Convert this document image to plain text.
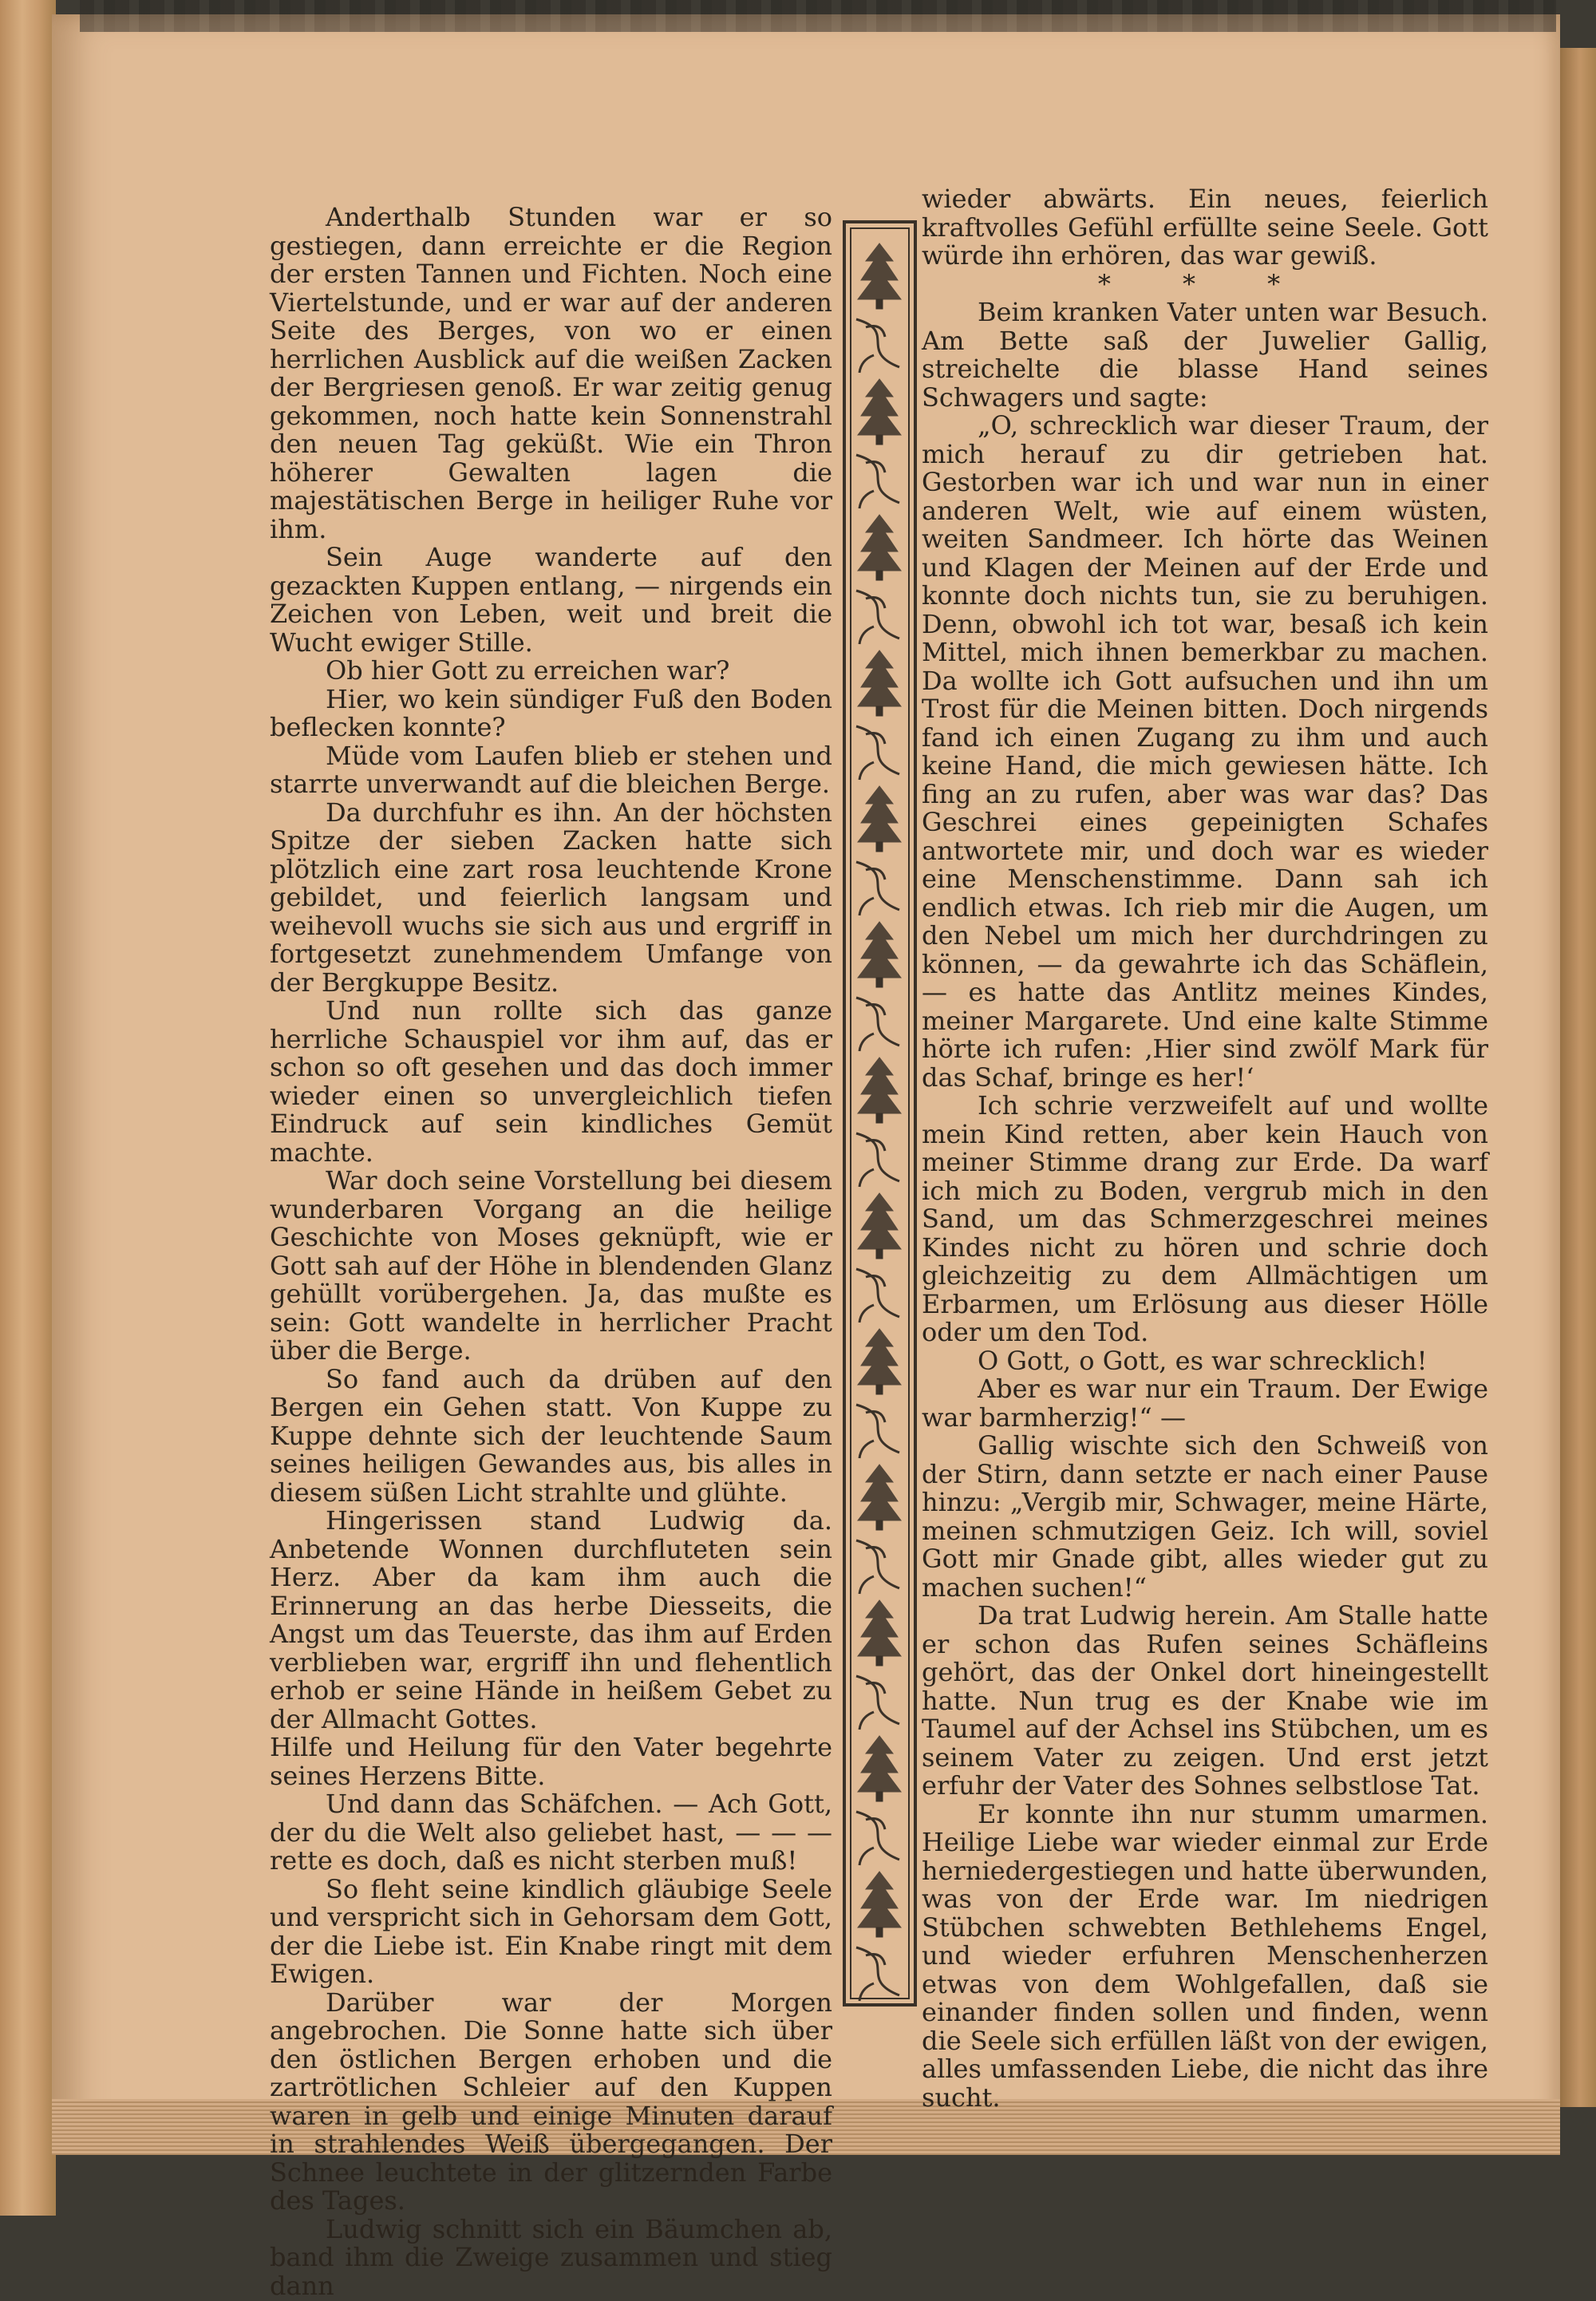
Anderthalb Stunden war er so gestiegen, dann erreichte er die Region der ersten Tannen und Fichten. Noch eine Viertelstunde, und er war auf der anderen Seite des Berges, von wo er einen herrlichen Ausblick auf die weißen Zacken der Bergriesen genoß. Er war zeitig genug gekommen, noch hatte kein Sonnenstrahl den neuen Tag geküßt. Wie ein Thron höherer Gewalten lagen die majestätischen Berge in heiliger Ruhe vor ihm.

Sein Auge wanderte auf den gezackten Kuppen entlang, — nirgends ein Zeichen von Leben, weit und breit die Wucht ewiger Stille.

Ob hier Gott zu erreichen war?

Hier, wo kein sündiger Fuß den Boden beflecken konnte?

Müde vom Laufen blieb er stehen und starrte unverwandt auf die bleichen Berge.

Da durchfuhr es ihn. An der höchsten Spitze der sieben Zacken hatte sich plötzlich eine zart rosa leuchtende Krone gebildet, und feierlich langsam und weihevoll wuchs sie sich aus und ergriff in fortgesetzt zunehmendem Umfange von der Bergkuppe Besitz.

Und nun rollte sich das ganze herrliche Schauspiel vor ihm auf, das er schon so oft gesehen und das doch immer wieder einen so unvergleichlich tiefen Eindruck auf sein kindliches Gemüt machte.

War doch seine Vorstellung bei diesem wunderbaren Vorgang an die heilige Geschichte von Moses geknüpft, wie er Gott sah auf der Höhe in blendenden Glanz gehüllt vorübergehen. Ja, das mußte es sein: Gott wandelte in herrlicher Pracht über die Berge.

So fand auch da drüben auf den Bergen ein Gehen statt. Von Kuppe zu Kuppe dehnte sich der leuchtende Saum seines heiligen Gewandes aus, bis alles in diesem süßen Licht strahlte und glühte.

Hingerissen stand Ludwig da. Anbetende Wonnen durchfluteten sein Herz. Aber da kam ihm auch die Erinnerung an das herbe Diesseits, die Angst um das Teuerste, das ihm auf Erden verblieben war, ergriff ihn und flehentlich erhob er seine Hände in heißem Gebet zu der Allmacht Gottes.

Hilfe und Heilung für den Vater begehrte seines Herzens Bitte.

Und dann das Schäfchen. — Ach Gott, der du die Welt also geliebet hast, — — — rette es doch, daß es nicht sterben muß!

So fleht seine kindlich gläubige Seele und verspricht sich in Gehorsam dem Gott, der die Liebe ist. Ein Knabe ringt mit dem Ewigen.

Darüber war der Morgen angebrochen. Die Sonne hatte sich über den östlichen Bergen erhoben und die zartrötlichen Schleier auf den Kuppen waren in gelb und einige Minuten darauf in strahlendes Weiß übergegangen. Der Schnee leuchtete in der glitzernden Farbe des Tages.

Ludwig schnitt sich ein Bäumchen ab, band ihm die Zweige zusammen und stieg dann

wieder abwärts. Ein neues, feierlich kraftvolles Gefühl erfüllte seine Seele. Gott würde ihn erhören, das war gewiß.

* * *

Beim kranken Vater unten war Besuch. Am Bette saß der Juwelier Gallig, streichelte die blasse Hand seines Schwagers und sagte:

„O, schrecklich war dieser Traum, der mich herauf zu dir getrieben hat. Gestorben war ich und war nun in einer anderen Welt, wie auf einem wüsten, weiten Sandmeer. Ich hörte das Weinen und Klagen der Meinen auf der Erde und konnte doch nichts tun, sie zu beruhigen. Denn, obwohl ich tot war, besaß ich kein Mittel, mich ihnen bemerkbar zu machen. Da wollte ich Gott aufsuchen und ihn um Trost für die Meinen bitten. Doch nirgends fand ich einen Zugang zu ihm und auch keine Hand, die mich gewiesen hätte. Ich fing an zu rufen, aber was war das? Das Geschrei eines gepeinigten Schafes antwortete mir, und doch war es wieder eine Menschenstimme. Dann sah ich endlich etwas. Ich rieb mir die Augen, um den Nebel um mich her durchdringen zu können, — da gewahrte ich das Schäflein, — es hatte das Antlitz meines Kindes, meiner Margarete. Und eine kalte Stimme hörte ich rufen: ‚Hier sind zwölf Mark für das Schaf, bringe es her!‘

Ich schrie verzweifelt auf und wollte mein Kind retten, aber kein Hauch von meiner Stimme drang zur Erde. Da warf ich mich zu Boden, vergrub mich in den Sand, um das Schmerzgeschrei meines Kindes nicht zu hören und schrie doch gleichzeitig zu dem Allmächtigen um Erbarmen, um Erlösung aus dieser Hölle oder um den Tod.

O Gott, o Gott, es war schrecklich!

Aber es war nur ein Traum. Der Ewige war barmherzig!“ —

Gallig wischte sich den Schweiß von der Stirn, dann setzte er nach einer Pause hinzu: „Vergib mir, Schwager, meine Härte, meinen schmutzigen Geiz. Ich will, soviel Gott mir Gnade gibt, alles wieder gut zu machen suchen!“

Da trat Ludwig herein. Am Stalle hatte er schon das Rufen seines Schäfleins gehört, das der Onkel dort hineingestellt hatte. Nun trug es der Knabe wie im Taumel auf der Achsel ins Stübchen, um es seinem Vater zu zeigen. Und erst jetzt erfuhr der Vater des Sohnes selbstlose Tat.

Er konnte ihn nur stumm umarmen. Heilige Liebe war wieder einmal zur Erde herniedergestiegen und hatte überwunden, was von der Erde war. Im niedrigen Stübchen schwebten Bethlehems Engel, und wieder erfuhren Menschenherzen etwas von dem Wohlgefallen, daß sie einander finden sollen und finden, wenn die Seele sich erfüllen läßt von der ewigen, alles umfassenden Liebe, die nicht das ihre sucht.
